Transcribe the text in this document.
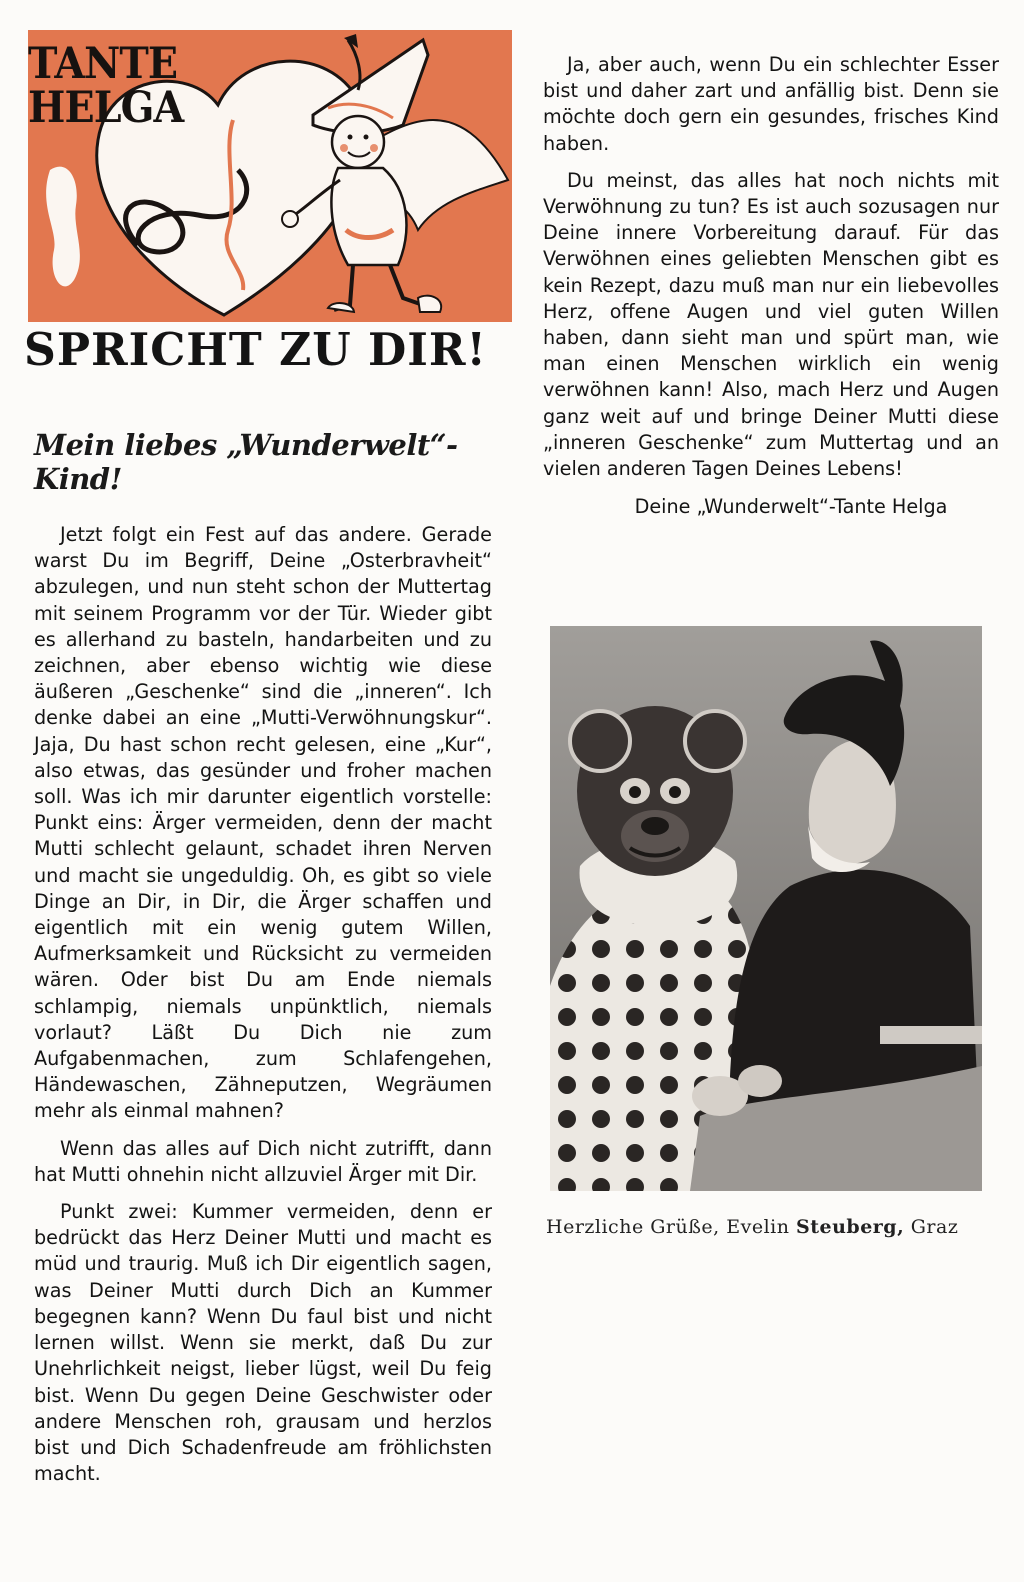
TANTE
HELGA
SPRICHT ZU DIR!
Mein liebes „Wunderwelt“-Kind!

Jetzt folgt ein Fest auf das andere. Gerade warst Du im Begriff, Deine „Osterbravheit“ abzulegen, und nun steht schon der Muttertag mit seinem Programm vor der Tür. Wieder gibt es allerhand zu basteln, handarbeiten und zu zeichnen, aber ebenso wichtig wie diese äußeren „Geschenke“ sind die „inneren“. Ich denke dabei an eine „Mutti-Verwöhnungskur“. Jaja, Du hast schon recht gelesen, eine „Kur“, also etwas, das gesünder und froher machen soll. Was ich mir darunter eigentlich vorstelle: Punkt eins: Ärger vermeiden, denn der macht Mutti schlecht gelaunt, schadet ihren Nerven und macht sie ungeduldig. Oh, es gibt so viele Dinge an Dir, in Dir, die Ärger schaffen und eigentlich mit ein wenig gutem Willen, Aufmerksamkeit und Rücksicht zu vermeiden wären. Oder bist Du am Ende niemals schlampig, niemals unpünktlich, niemals vorlaut? Läßt Du Dich nie zum Aufgabenmachen, zum Schlafengehen, Händewaschen, Zähneputzen, Wegräumen mehr als einmal mahnen?

Wenn das alles auf Dich nicht zutrifft, dann hat Mutti ohnehin nicht allzuviel Ärger mit Dir.

Punkt zwei: Kummer vermeiden, denn er bedrückt das Herz Deiner Mutti und macht es müd und traurig. Muß ich Dir eigentlich sagen, was Deiner Mutti durch Dich an Kummer begegnen kann? Wenn Du faul bist und nicht lernen willst. Wenn sie merkt, daß Du zur Unehrlichkeit neigst, lieber lügst, weil Du feig bist. Wenn Du gegen Deine Geschwister oder andere Menschen roh, grausam und herzlos bist und Dich Schadenfreude am fröhlichsten macht.

Ja, aber auch, wenn Du ein schlechter Esser bist und daher zart und anfällig bist. Denn sie möchte doch gern ein gesundes, frisches Kind haben.

Du meinst, das alles hat noch nichts mit Verwöhnung zu tun? Es ist auch sozusagen nur Deine innere Vorbereitung darauf. Für das Verwöhnen eines geliebten Menschen gibt es kein Rezept, dazu muß man nur ein liebevolles Herz, offene Augen und viel guten Willen haben, dann sieht man und spürt man, wie man einen Menschen wirklich ein wenig verwöhnen kann! Also, mach Herz und Augen ganz weit auf und bringe Deiner Mutti diese „inneren Geschenke“ zum Muttertag und an vielen anderen Tagen Deines Lebens!

Deine „Wunderwelt“-Tante Helga
Herzliche Grüße, Evelin Steuberg, Graz
